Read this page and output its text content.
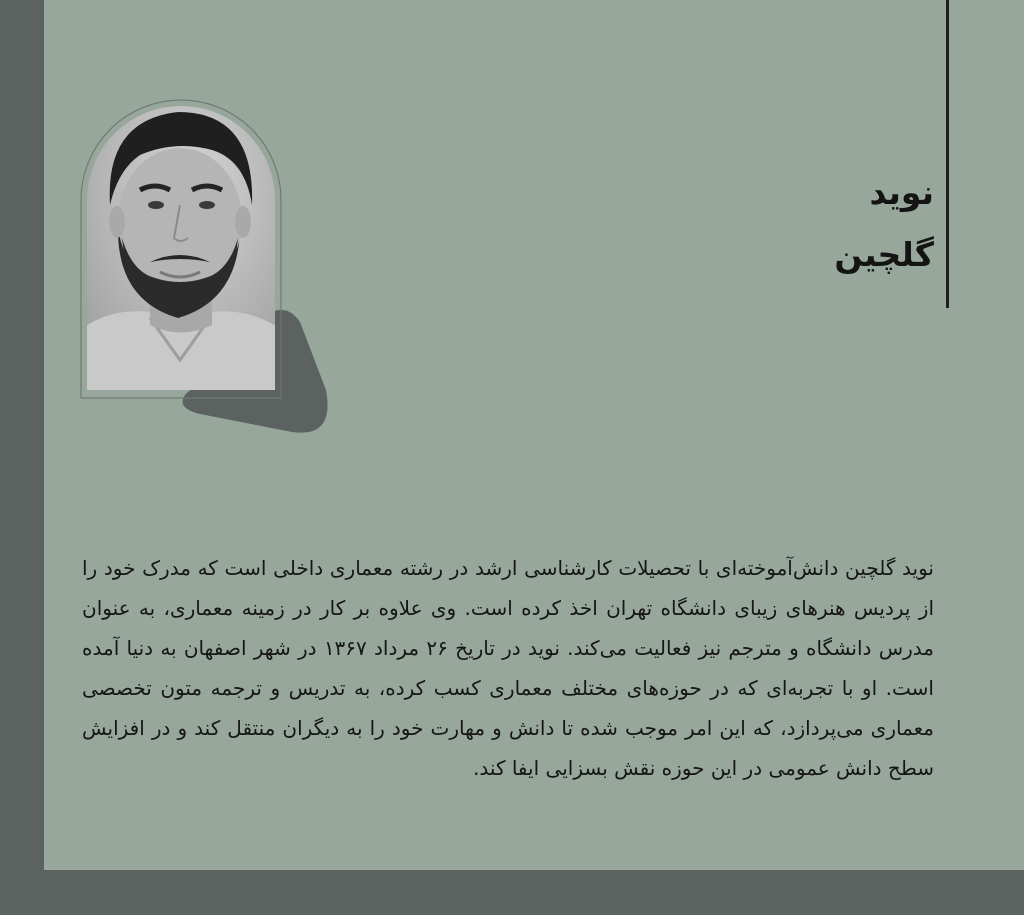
نوید
گلچین

نوید گلچین دانش‌آموخته‌ای با تحصیلات کارشناسی ارشد در رشته معماری داخلی است که مدرک خود را از پردیس هنرهای زیبای دانشگاه تهران اخذ کرده است. وی علاوه بر کار در زمینه معماری، به عنوان مدرس دانشگاه و مترجم نیز فعالیت می‌کند. نوید در تاریخ ۲۶ مرداد ۱۳۶۷ در شهر اصفهان به دنیا آمده است. او با تجربه‌ای که در حوزه‌های مختلف معماری کسب کرده، به تدریس و ترجمه متون تخصصی معماری می‌پردازد، که این امر موجب شده تا دانش و مهارت خود را به دیگران منتقل کند و در افزایش سطح دانش عمومی در این حوزه نقش بسزایی ایفا کند.
